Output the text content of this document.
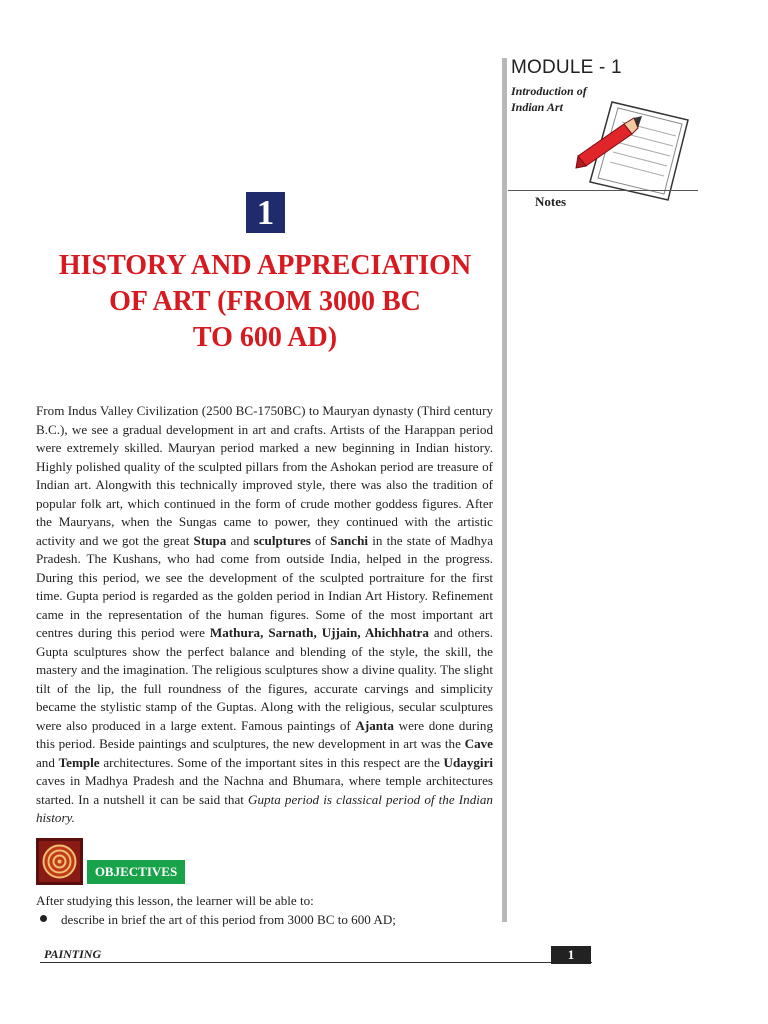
MODULE - 1
Introduction of Indian Art
Notes
1
HISTORY AND APPRECIATION
OF ART (FROM 3000 BC
TO 600 AD)
From Indus Valley Civilization (2500 BC-1750BC) to Mauryan dynasty (Third century B.C.), we see a gradual development in art and crafts. Artists of the Harappan period were extremely skilled. Mauryan period marked a new beginning in Indian history. Highly polished quality of the sculpted pillars from the Ashokan period are treasure of Indian art. Alongwith this technically improved style, there was also the tradition of popular folk art, which continued in the form of crude mother goddess figures. After the Mauryans, when the Sungas came to power, they continued with the artistic activity and we got the great Stupa and sculptures of Sanchi in the state of Madhya Pradesh. The Kushans, who had come from outside India, helped in the progress. During this period, we see the development of the sculpted portraiture for the first time. Gupta period is regarded as the golden period in Indian Art History. Refinement came in the representation of the human figures. Some of the most important art centres during this period were Mathura, Sarnath, Ujjain, Ahichhatra and others. Gupta sculptures show the perfect balance and blending of the style, the skill, the mastery and the imagination. The religious sculptures show a divine quality. The slight tilt of the lip, the full roundness of the figures, accurate carvings and simplicity became the stylistic stamp of the Guptas. Along with the religious, secular sculptures were also produced in a large extent. Famous paintings of Ajanta were done during this period. Beside paintings and sculptures, the new development in art was the Cave and Temple architectures. Some of the important sites in this respect are the Udaygiri caves in Madhya Pradesh and the Nachna and Bhumara, where temple architectures started. In a nutshell it can be said that Gupta period is classical period of the Indian history.
OBJECTIVES
After studying this lesson, the learner will be able to:
describe in brief the art of this period from 3000 BC to 600 AD;
PAINTING	1
